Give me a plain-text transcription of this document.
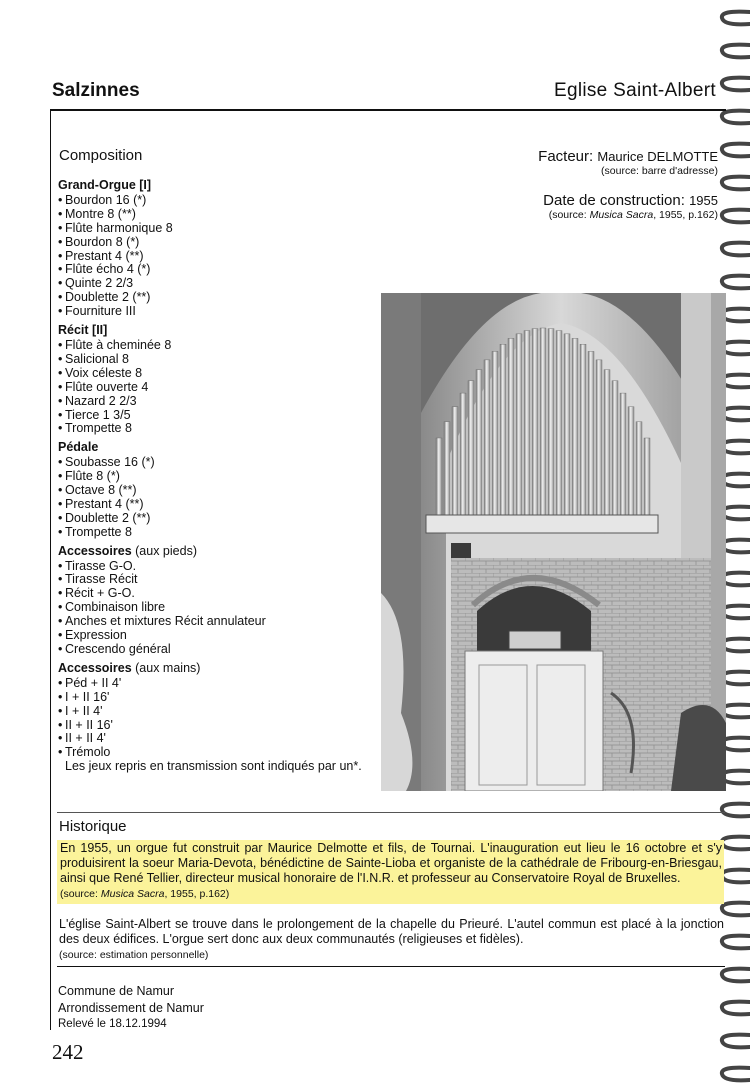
Salzinnes	Eglise Saint-Albert
Composition	Facteur: Maurice DELMOTTE
(source: barre d'adresse)
Date de construction: 1955
(source: Musica Sacra, 1955, p.162)
Grand-Orgue [I]
• Bourdon 16 (*)
• Montre 8 (**)
• Flûte harmonique 8
• Bourdon 8 (*)
• Prestant 4 (**)
• Flûte écho 4 (*)
• Quinte 2 2/3
• Doublette 2 (**)
• Fourniture III
Récit [II]
• Flûte à cheminée 8
• Salicional 8
• Voix céleste 8
• Flûte ouverte 4
• Nazard 2 2/3
• Tierce 1 3/5
• Trompette 8
Pédale
• Soubasse 16 (*)
• Flûte 8 (*)
• Octave 8 (**)
• Prestant 4 (**)
• Doublette 2 (**)
• Trompette 8
Accessoires (aux pieds)
• Tirasse G-O.
• Tirasse Récit
• Récit + G-O.
• Combinaison libre
• Anches et mixtures Récit annulateur
• Expression
• Crescendo général
Accessoires (aux mains)
• Péd + II 4'
• I + II 16'
• I + II 4'
• II + II 16'
• II + II 4'
• Trémolo
Les jeux repris en transmission sont indiqués par un*.
Historique
En 1955, un orgue fut construit par Maurice Delmotte et fils, de Tournai. L'inauguration eut lieu le 16 octobre et s'y produisirent la soeur Maria-Devota, bénédictine de Sainte-Lioba et organiste de la cathédrale de Fribourg-en-Briesgau, ainsi que René Tellier, directeur musical honoraire de l'I.N.R. et professeur au Conservatoire Royal de Bruxelles.
(source: Musica Sacra, 1955, p.162)
L'église Saint-Albert se trouve dans le prolongement de la chapelle du Prieuré. L'autel commun est placé à la jonction des deux édifices. L'orgue sert donc aux deux communautés (religieuses et fidèles).
(source: estimation personnelle)
Commune de Namur
Arrondissement de Namur
Relevé le 18.12.1994
242
